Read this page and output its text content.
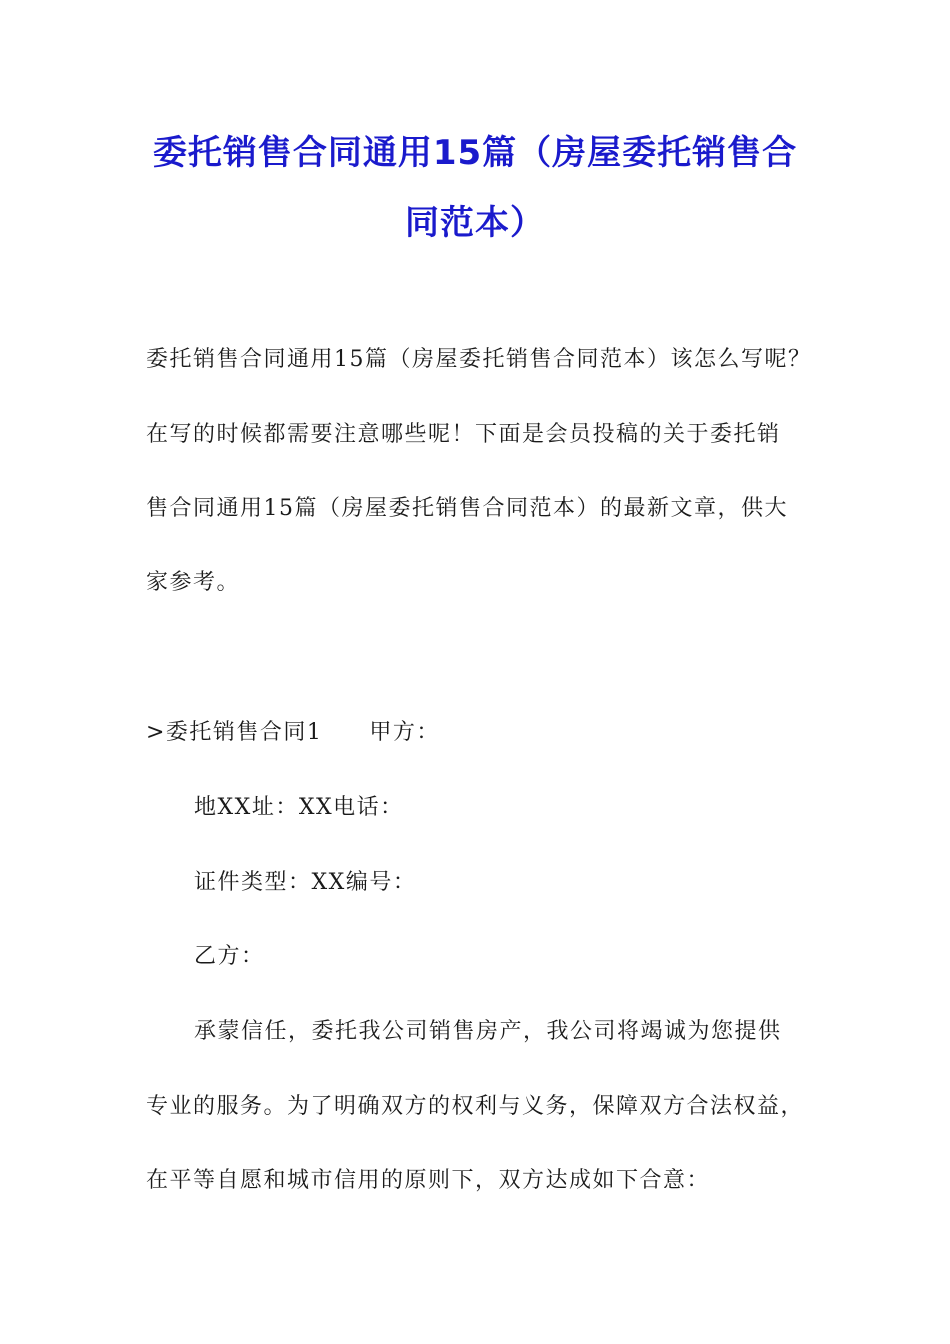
委托销售合同通用15篇（房屋委托销售合
同范本）

委托销售合同通用15篇（房屋委托销售合同范本）该怎么写呢？

在写的时候都需要注意哪些呢！下面是会员投稿的关于委托销

售合同通用15篇（房屋委托销售合同范本）的最新文章，供大

家参考。

>委托销售合同1　　甲方：

地XX址：XX电话：

证件类型：XX编号：

乙方：

承蒙信任，委托我公司销售房产，我公司将竭诚为您提供

专业的服务。为了明确双方的权利与义务，保障双方合法权益，

在平等自愿和城市信用的原则下，双方达成如下合意：
